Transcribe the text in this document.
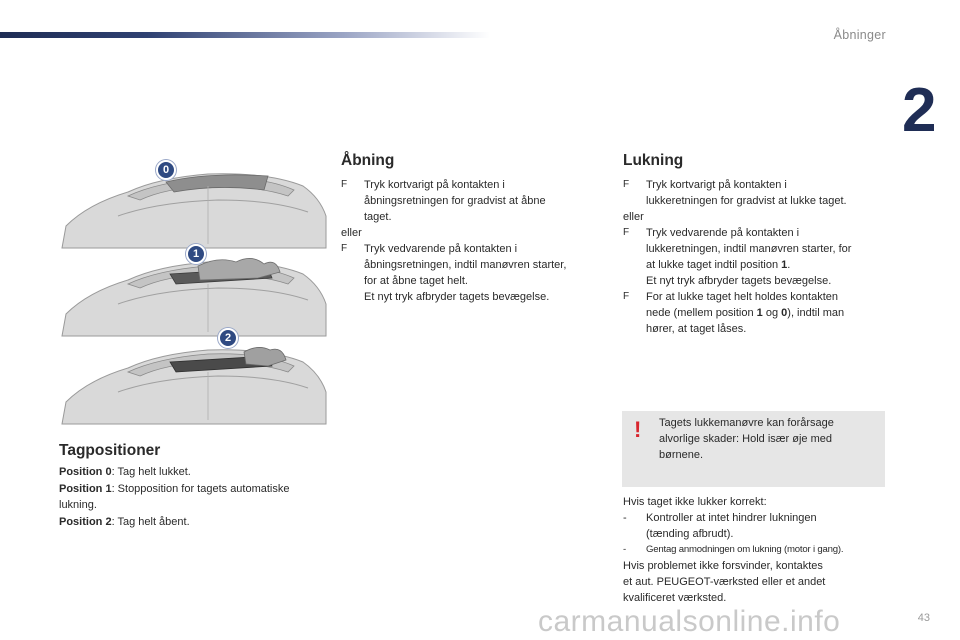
Åbninger
2
0
1
2
Tagpositioner
Position 0: Tag helt lukket.
Position 1: Stopposition for tagets automatiske
lukning.
Position 2: Tag helt åbent.
Åbning
F Tryk kortvarigt på kontakten i
åbningsretningen for gradvist at åbne
taget.
eller
F Tryk vedvarende på kontakten i
åbningsretningen, indtil manøvren starter,
for at åbne taget helt.
Et nyt tryk afbryder tagets bevægelse.
Lukning
F Tryk kortvarigt på kontakten i
lukkeretningen for gradvist at lukke taget.
eller
F Tryk vedvarende på kontakten i
lukkeretningen, indtil manøvren starter, for
at lukke taget indtil position 1.
Et nyt tryk afbryder tagets bevægelse.
F For at lukke taget helt holdes kontakten
nede (mellem position 1 og 0), indtil man
hører, at taget låses.
! Tagets lukkemanøvre kan forårsage
alvorlige skader: Hold især øje med
børnene.
Hvis taget ikke lukker korrekt:
- Kontroller at intet hindrer lukningen
(tænding afbrudt).
- Gentag anmodningen om lukning (motor i gang).
Hvis problemet ikke forsvinder, kontaktes
et aut. PEUGEOT-værksted eller et andet
kvalificeret værksted.
carmanualsonline.info	43
